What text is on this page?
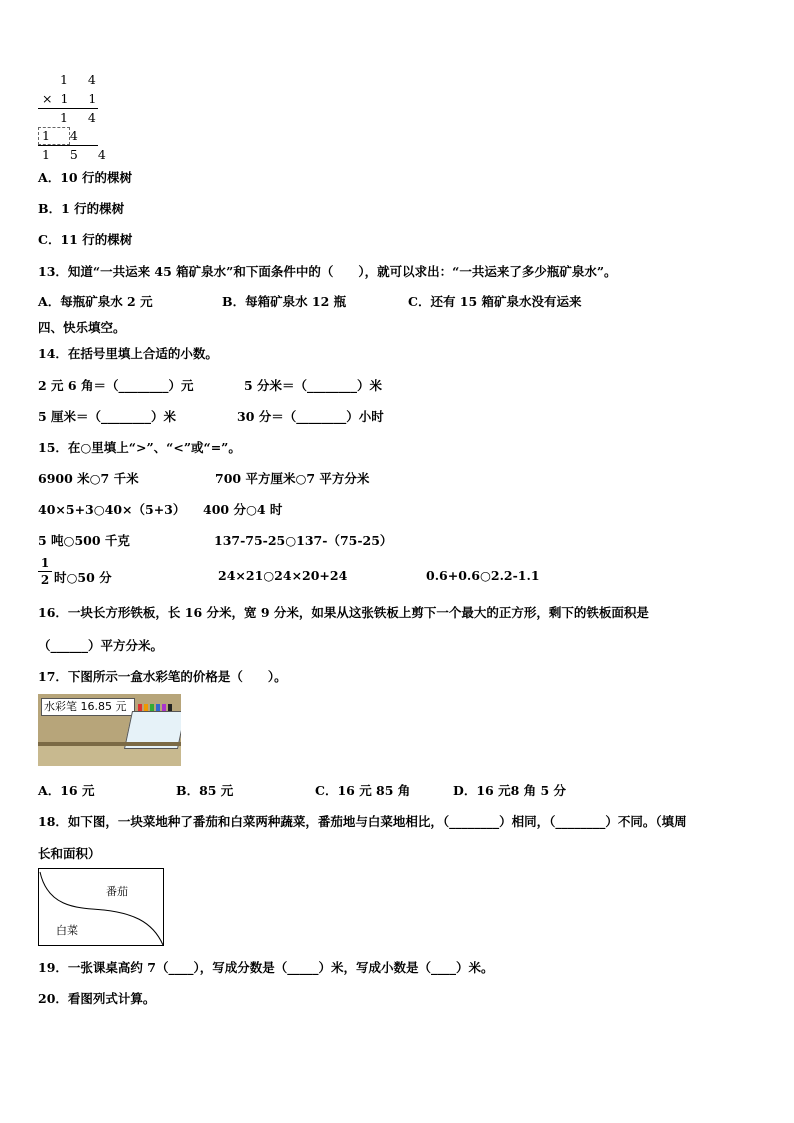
1 4
×1 1
1 4
1 4
1 5 4
A．10 行的棵树
B．1 行的棵树
C．11 行的棵树
13．知道“一共运来 45 箱矿泉水”和下面条件中的（　　），就可以求出：“一共运来了多少瓶矿泉水”。
A．每瓶矿泉水 2 元	B．每箱矿泉水 12 瓶	C．还有 15 箱矿泉水没有运来
四、快乐填空。
14．在括号里填上合适的小数。
2 元 6 角＝（________）元	5 分米＝（________）米
5 厘米＝（________）米	30 分＝（________）小时
15．在○里填上“>”、“<”或“=”。
6900 米○7 千米	700 平方厘米○7 平方分米
40×5+3○40×（5+3） 400 分○4 时
5 吨○500 千克	137-75-25○137-（75-25）
1
2 时○50 分	24×21○24×20+24	0.6+0.6○2.2-1.1
16．一块长方形铁板，长 16 分米，宽 9 分米，如果从这张铁板上剪下一个最大的正方形，剩下的铁板面积是
（______）平方分米。
17．下图所示一盒水彩笔的价格是（　　）。
水彩笔 16.85 元
A．16 元	B．85 元	C．16 元 85 角	D．16 元8 角 5 分
18．如下图，一块菜地种了番茄和白菜两种蔬菜，番茄地与白菜地相比，（________）相同，（________）不同。（填周
长和面积）
番茄
白菜
19．一张课桌高约 7（____），写成分数是（_____）米，写成小数是（____）米。
20．看图列式计算。
